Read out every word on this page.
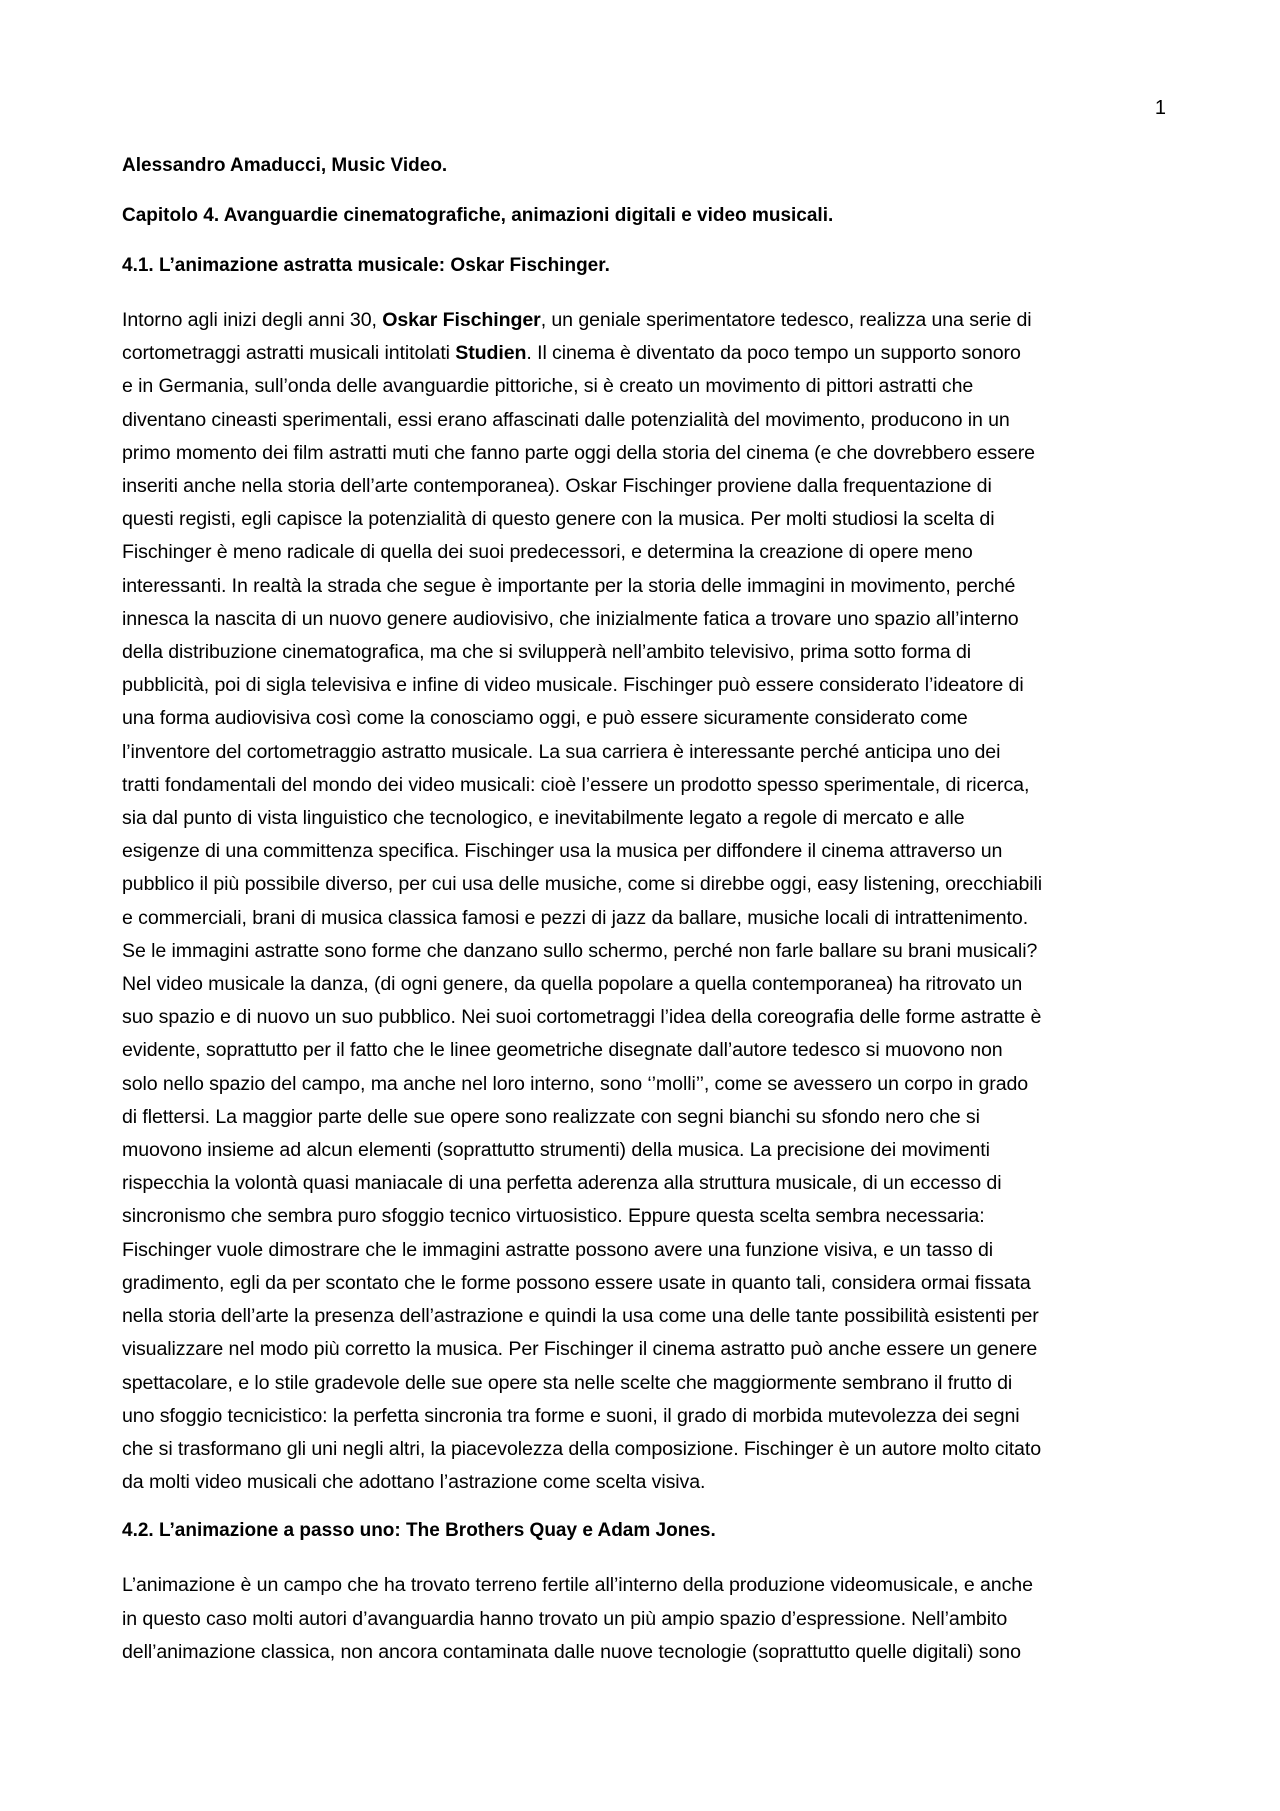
1
Alessandro Amaducci, Music Video.
Capitolo 4. Avanguardie cinematografiche, animazioni digitali e video musicali.
4.1. L’animazione astratta musicale: Oskar Fischinger.
Intorno agli inizi degli anni 30, Oskar Fischinger, un geniale sperimentatore tedesco, realizza una serie di
cortometraggi astratti musicali intitolati Studien. Il cinema è diventato da poco tempo un supporto sonoro
e in Germania, sull’onda delle avanguardie pittoriche, si è creato un movimento di pittori astratti che
diventano cineasti sperimentali, essi erano affascinati dalle potenzialità del movimento, producono in un
primo momento dei film astratti muti che fanno parte oggi della storia del cinema (e che dovrebbero essere
inseriti anche nella storia dell’arte contemporanea). Oskar Fischinger proviene dalla frequentazione di
questi registi, egli capisce la potenzialità di questo genere con la musica. Per molti studiosi la scelta di
Fischinger è meno radicale di quella dei suoi predecessori, e determina la creazione di opere meno
interessanti. In realtà la strada che segue è importante per la storia delle immagini in movimento, perché
innesca la nascita di un nuovo genere audiovisivo, che inizialmente fatica a trovare uno spazio all’interno
della distribuzione cinematografica, ma che si svilupperà nell’ambito televisivo, prima sotto forma di
pubblicità, poi di sigla televisiva e infine di video musicale. Fischinger può essere considerato l’ideatore di
una forma audiovisiva così come la conosciamo oggi, e può essere sicuramente considerato come
l’inventore del cortometraggio astratto musicale. La sua carriera è interessante perché anticipa uno dei
tratti fondamentali del mondo dei video musicali: cioè l’essere un prodotto spesso sperimentale, di ricerca,
sia dal punto di vista linguistico che tecnologico, e inevitabilmente legato a regole di mercato e alle
esigenze di una committenza specifica. Fischinger usa la musica per diffondere il cinema attraverso un
pubblico il più possibile diverso, per cui usa delle musiche, come si direbbe oggi, easy listening, orecchiabili
e commerciali, brani di musica classica famosi e pezzi di jazz da ballare, musiche locali di intrattenimento.
Se le immagini astratte sono forme che danzano sullo schermo, perché non farle ballare su brani musicali?
Nel video musicale la danza, (di ogni genere, da quella popolare a quella contemporanea) ha ritrovato un
suo spazio e di nuovo un suo pubblico. Nei suoi cortometraggi l’idea della coreografia delle forme astratte è
evidente, soprattutto per il fatto che le linee geometriche disegnate dall’autore tedesco si muovono non
solo nello spazio del campo, ma anche nel loro interno, sono ‘’molli’’, come se avessero un corpo in grado
di flettersi. La maggior parte delle sue opere sono realizzate con segni bianchi su sfondo nero che si
muovono insieme ad alcun elementi (soprattutto strumenti) della musica. La precisione dei movimenti
rispecchia la volontà quasi maniacale di una perfetta aderenza alla struttura musicale, di un eccesso di
sincronismo che sembra puro sfoggio tecnico virtuosistico. Eppure questa scelta sembra necessaria:
Fischinger vuole dimostrare che le immagini astratte possono avere una funzione visiva, e un tasso di
gradimento, egli da per scontato che le forme possono essere usate in quanto tali, considera ormai fissata
nella storia dell’arte la presenza dell’astrazione e quindi la usa come una delle tante possibilità esistenti per
visualizzare nel modo più corretto la musica. Per Fischinger il cinema astratto può anche essere un genere
spettacolare, e lo stile gradevole delle sue opere sta nelle scelte che maggiormente sembrano il frutto di
uno sfoggio tecnicistico: la perfetta sincronia tra forme e suoni, il grado di morbida mutevolezza dei segni
che si trasformano gli uni negli altri, la piacevolezza della composizione. Fischinger è un autore molto citato
da molti video musicali che adottano l’astrazione come scelta visiva.
4.2. L’animazione a passo uno: The Brothers Quay e Adam Jones.
L’animazione è un campo che ha trovato terreno fertile all’interno della produzione videomusicale, e anche
in questo caso molti autori d’avanguardia hanno trovato un più ampio spazio d’espressione. Nell’ambito
dell’animazione classica, non ancora contaminata dalle nuove tecnologie (soprattutto quelle digitali) sono
